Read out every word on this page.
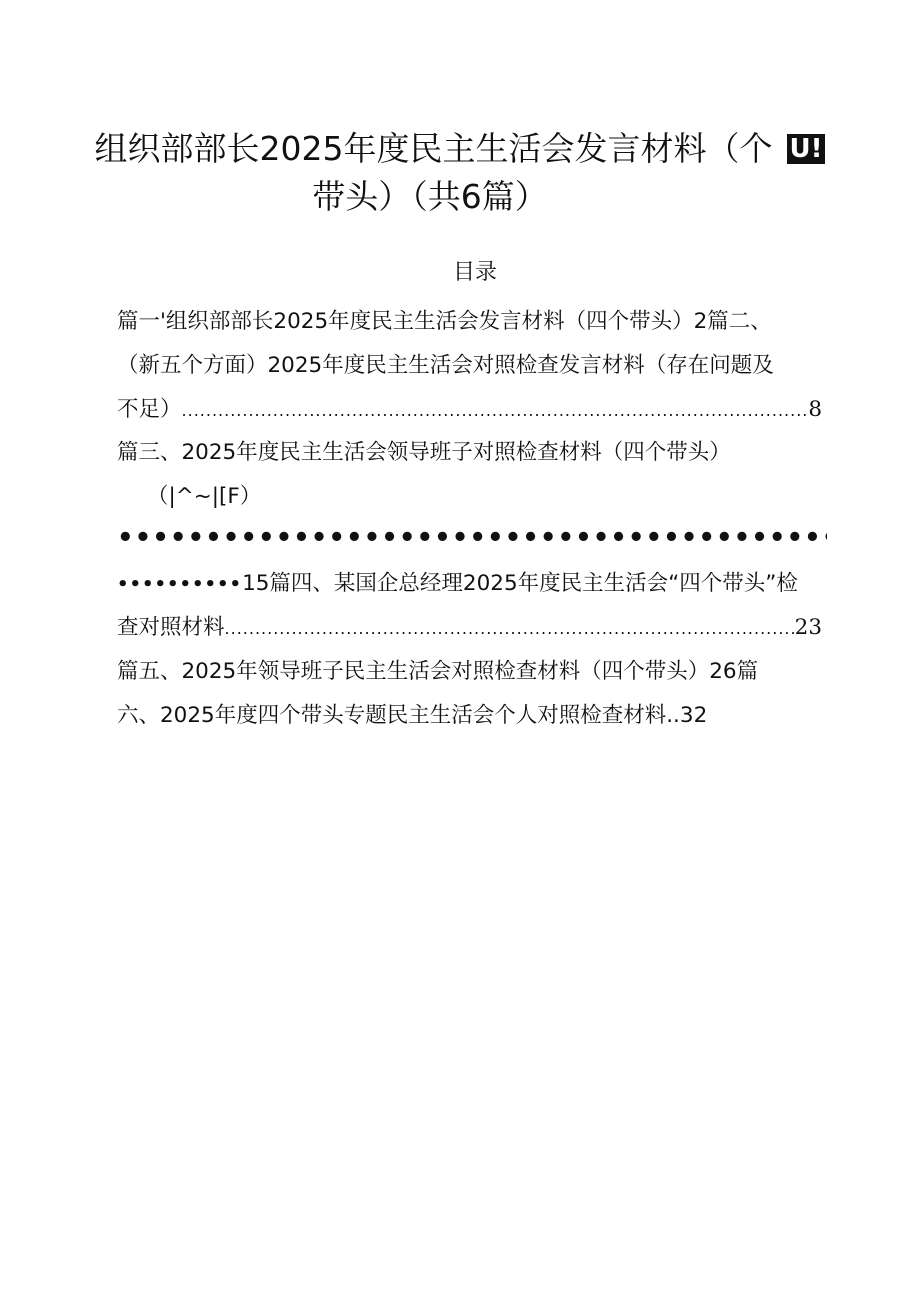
组织部部长2025年度民主生活会发言材料（个 U!
带头）（共6篇）
目录
篇一'组织部部长2025年度民主生活会发言材料（四个带头）2篇二、
（新五个方面）2025年度民主生活会对照检查发言材料（存在问题及
不足） .....	8
篇三、2025年度民主生活会领导班子对照检查材料（四个带头）
（|^~|[F）
•••••
••••••••••15篇四、某国企总经理2025年度民主生活会“四个带头”检
查对照材料 .....	23
篇五、2025年领导班子民主生活会对照检查材料（四个带头）26篇
六、2025年度四个带头专题民主生活会个人对照检查材料..32
